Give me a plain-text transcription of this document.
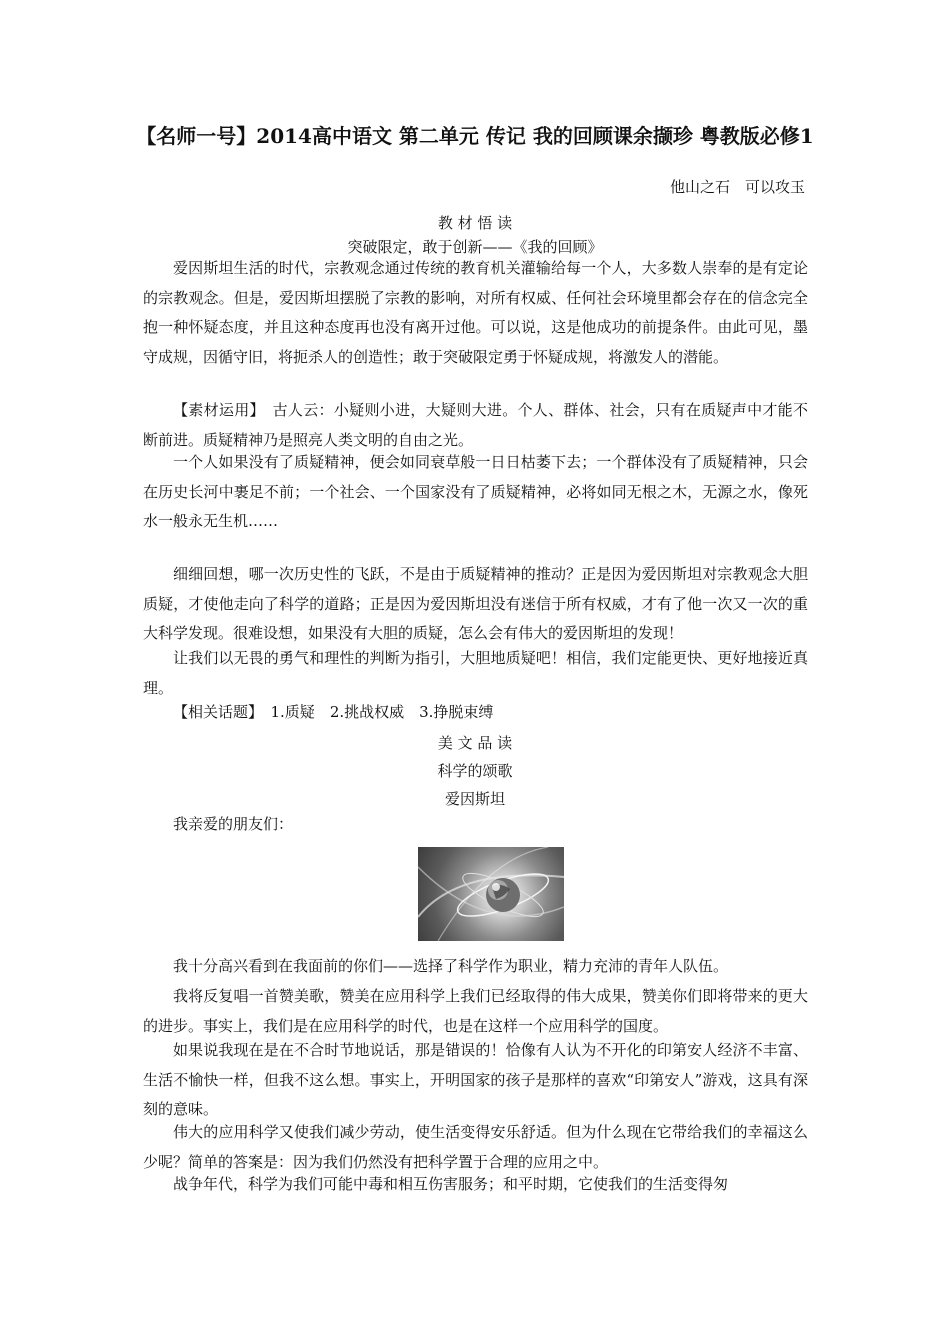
【名师一号】2014高中语文 第二单元 传记 我的回顾课余撷珍 粤教版必修1
他山之石　可以攻玉
教 材 悟 读
突破限定，敢于创新——《我的回顾》

爱因斯坦生活的时代，宗教观念通过传统的教育机关灌输给每一个人，大多数人崇奉的是有定论的宗教观念。但是，爱因斯坦摆脱了宗教的影响，对所有权威、任何社会环境里都会存在的信念完全抱一种怀疑态度，并且这种态度再也没有离开过他。可以说，这是他成功的前提条件。由此可见，墨守成规，因循守旧，将扼杀人的创造性；敢于突破限定勇于怀疑成规，将激发人的潜能。

【素材运用】　古人云：小疑则小进，大疑则大进。个人、群体、社会，只有在质疑声中才能不断前进。质疑精神乃是照亮人类文明的自由之光。

一个人如果没有了质疑精神，便会如同衰草般一日日枯萎下去；一个群体没有了质疑精神，只会在历史长河中裹足不前；一个社会、一个国家没有了质疑精神，必将如同无根之木，无源之水，像死水一般永无生机……

细细回想，哪一次历史性的飞跃，不是由于质疑精神的推动？正是因为爱因斯坦对宗教观念大胆质疑，才使他走向了科学的道路；正是因为爱因斯坦没有迷信于所有权威，才有了他一次又一次的重大科学发现。很难设想，如果没有大胆的质疑，怎么会有伟大的爱因斯坦的发现！

让我们以无畏的勇气和理性的判断为指引，大胆地质疑吧！相信，我们定能更快、更好地接近真理。

【相关话题】　1.质疑　2.挑战权威　3.挣脱束缚

美 文 品 读
科学的颂歌
爱因斯坦

我亲爱的朋友们：

我十分高兴看到在我面前的你们——选择了科学作为职业，精力充沛的青年人队伍。

我将反复唱一首赞美歌，赞美在应用科学上我们已经取得的伟大成果，赞美你们即将带来的更大的进步。事实上，我们是在应用科学的时代，也是在这样一个应用科学的国度。

如果说我现在是在不合时节地说话，那是错误的！恰像有人认为不开化的印第安人经济不丰富、生活不愉快一样，但我不这么想。事实上，开明国家的孩子是那样的喜欢“印第安人”游戏，这具有深刻的意味。

伟大的应用科学又使我们减少劳动，使生活变得安乐舒适。但为什么现在它带给我们的幸福这么少呢？简单的答案是：因为我们仍然没有把科学置于合理的应用之中。

战争年代，科学为我们可能中毒和相互伤害服务；和平时期，它使我们的生活变得匆
